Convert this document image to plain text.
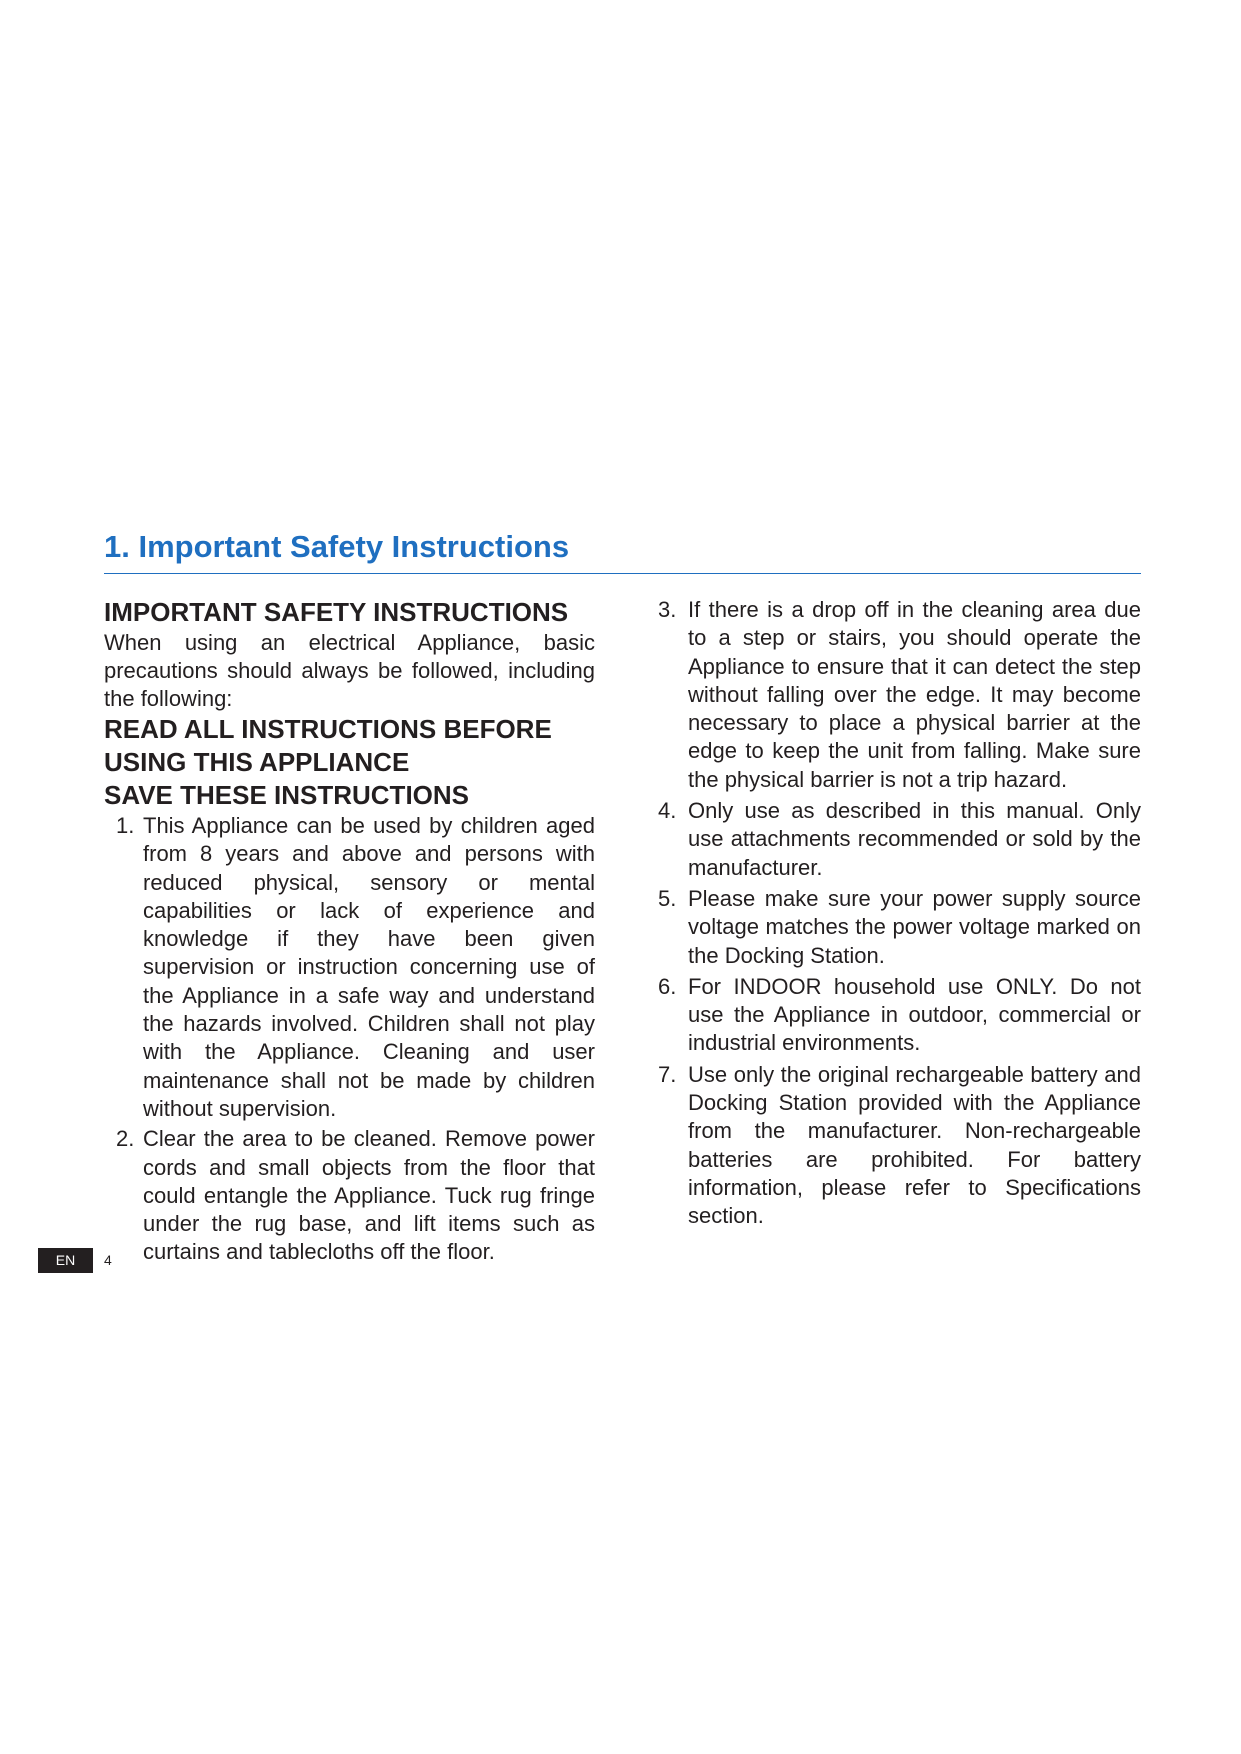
1. Important Safety Instructions
IMPORTANT SAFETY INSTRUCTIONS

When using an electrical Appliance, basic precautions should always be followed, including the following:

READ ALL INSTRUCTIONS BEFORE USING THIS APPLIANCE
SAVE THESE INSTRUCTIONS
1. This Appliance can be used by children aged from 8 years and above and persons with reduced physical, sensory or mental capabilities or lack of experience and knowledge if they have been given supervision or instruction concerning use of the Appliance in a safe way and understand the hazards involved. Children shall not play with the Appliance. Cleaning and user maintenance shall not be made by children without supervision.
2. Clear the area to be cleaned. Remove power cords and small objects from the floor that could entangle the Appliance. Tuck rug fringe under the rug base, and lift items such as curtains and tablecloths off the floor.
3. If there is a drop off in the cleaning area due to a step or stairs, you should operate the Appliance to ensure that it can detect the step without falling over the edge. It may become necessary to place a physical barrier at the edge to keep the unit from falling. Make sure the physical barrier is not a trip hazard.
4. Only use as described in this manual. Only use attachments recommended or sold by the manufacturer.
5. Please make sure your power supply source voltage matches the power voltage marked on the Docking Station.
6. For INDOOR household use ONLY. Do not use the Appliance in outdoor, commercial or industrial environments.
7. Use only the original rechargeable battery and Docking Station provided with the Appliance from the manufacturer. Non-rechargeable batteries are prohibited. For battery information, please refer to Specifications section.
EN	4
